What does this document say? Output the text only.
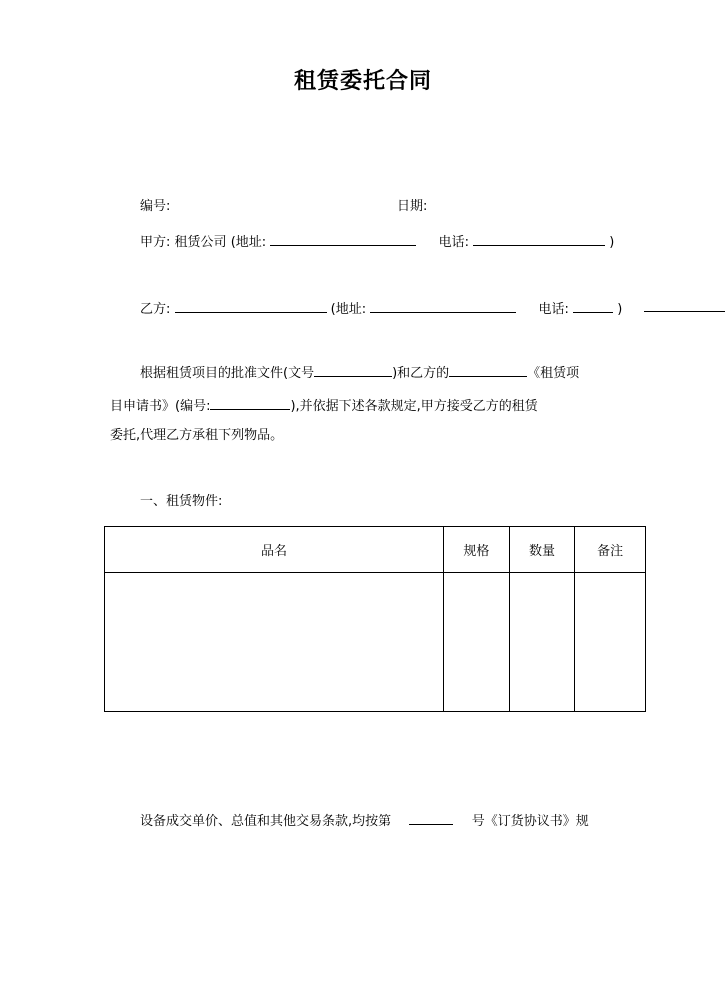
租赁委托合同
编号:	日期:
甲方: 租赁公司 (地址:	电话:	)
乙方:	(地址:	电话:	)
根据租赁项目的批准文件(文号	)和乙方的	《租赁项
目申请书》(编号:	),并依据下述各款规定,甲方接受乙方的租赁
委托,代理乙方承租下列物品。
一、租赁物件:
品名	规格	数量	备注

设备成交单价、总值和其他交易条款,均按第	号《订货协议书》规
